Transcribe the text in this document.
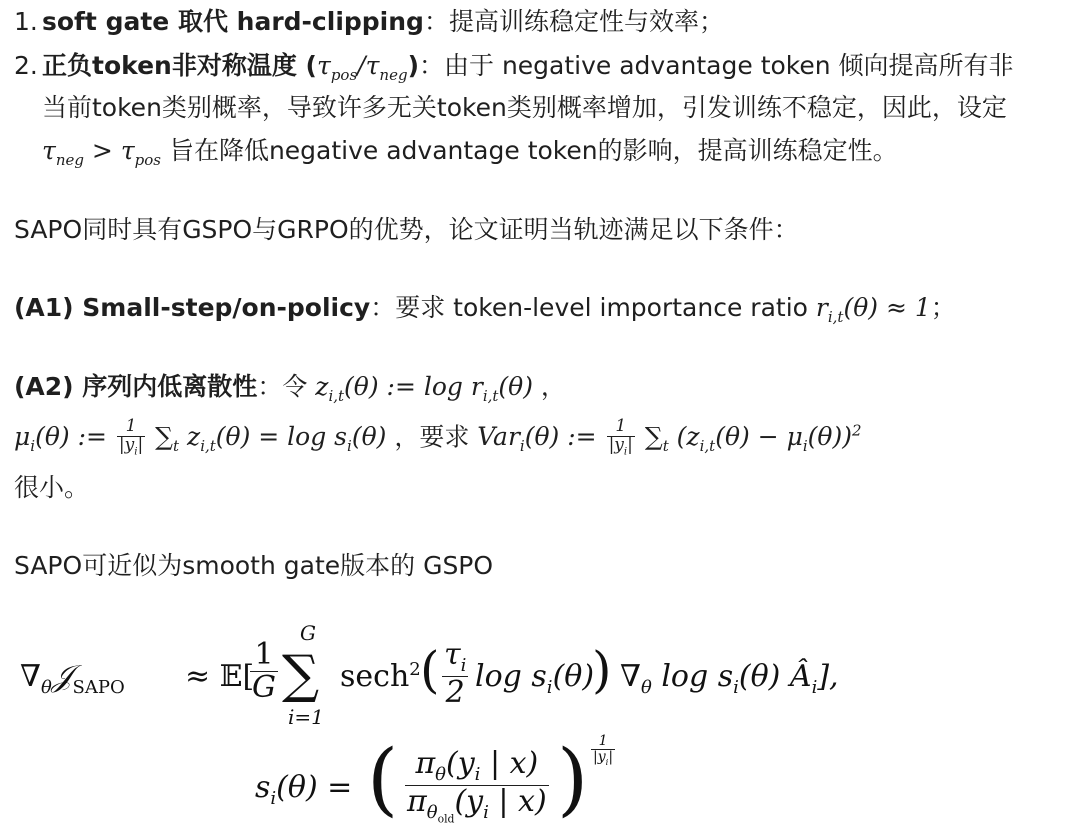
1. soft gate 取代 hard-clipping：提高训练稳定性与效率；
2. 正负token非对称温度 $(\tau_{pos}/\tau_{neg})$：由于 negative advantage token 倾向提高所有非
当前token类别概率，导致许多无关token类别概率增加，引发训练不稳定，因此，设定
$\tau_{neg} > \tau_{pos}$ 旨在降低negative advantage token的影响，提高训练稳定性。
SAPO同时具有GSPO与GRPO的优势，论文证明当轨迹满足以下条件：
(A1) Small-step/on-policy：要求 token-level importance ratio $r_{i,t}(\theta) \approx 1$；
(A2) 序列内低离散性：令 $z_{i,t}(\theta)$ := $\log r_{i,t}(\theta)$ ，
$\mu_i(\theta)$ := $\frac{1}{|y_i|} \sum_t$ $z_{i,t}(\theta) = \log s_i(\theta)$ ，要求 Var$_i$(θ) := $\frac{1}{|y_i|} \sum_t$ $(z_{i,t}(\theta) - \mu_i(\theta))^2$
很小。
SAPO可近似为smooth gate版本的 GSPO
$\nabla_\theta 𝒥_{SAPO}$ ≈ 𝔼[
$\frac{1}{G}$
G
∑
i=1
sech$^2$ ( $\frac{\tau_i}{2}$ $\log s_i(\theta)$
) $\nabla_\theta$ $\log s_i(\theta)$ $Â_i$],
$s_i(\theta)$ = ( $\pi_\theta(y_i$ | x)
$\pi_{\theta_{old}}(y_i$ | x) ) $\frac{1}{|y_i|}$
